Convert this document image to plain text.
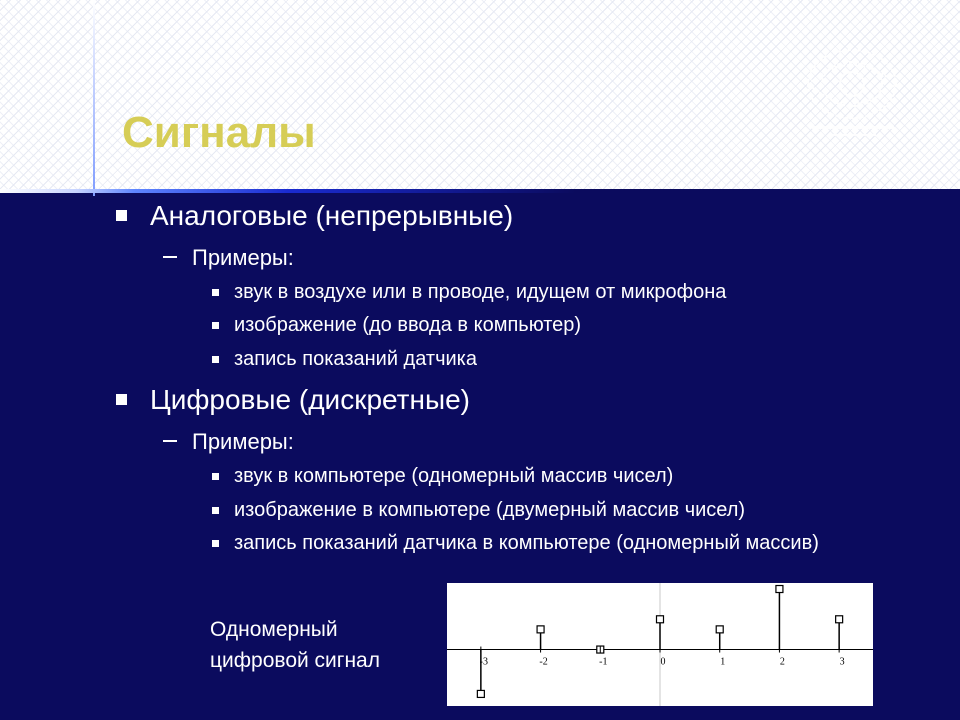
Сигналы
Аналоговые (непрерывные)
Примеры:
звук в воздухе или в проводе, идущем от микрофона
изображение (до ввода в компьютер)
запись показаний датчика
Цифровые (дискретные)
Примеры:
звук в компьютере (одномерный массив чисел)
изображение в компьютере (двумерный массив чисел)
запись показаний датчика в компьютере (одномерный массив)
Одномерный
цифровой сигнал	-3	-2	-1	0	1	2	3
